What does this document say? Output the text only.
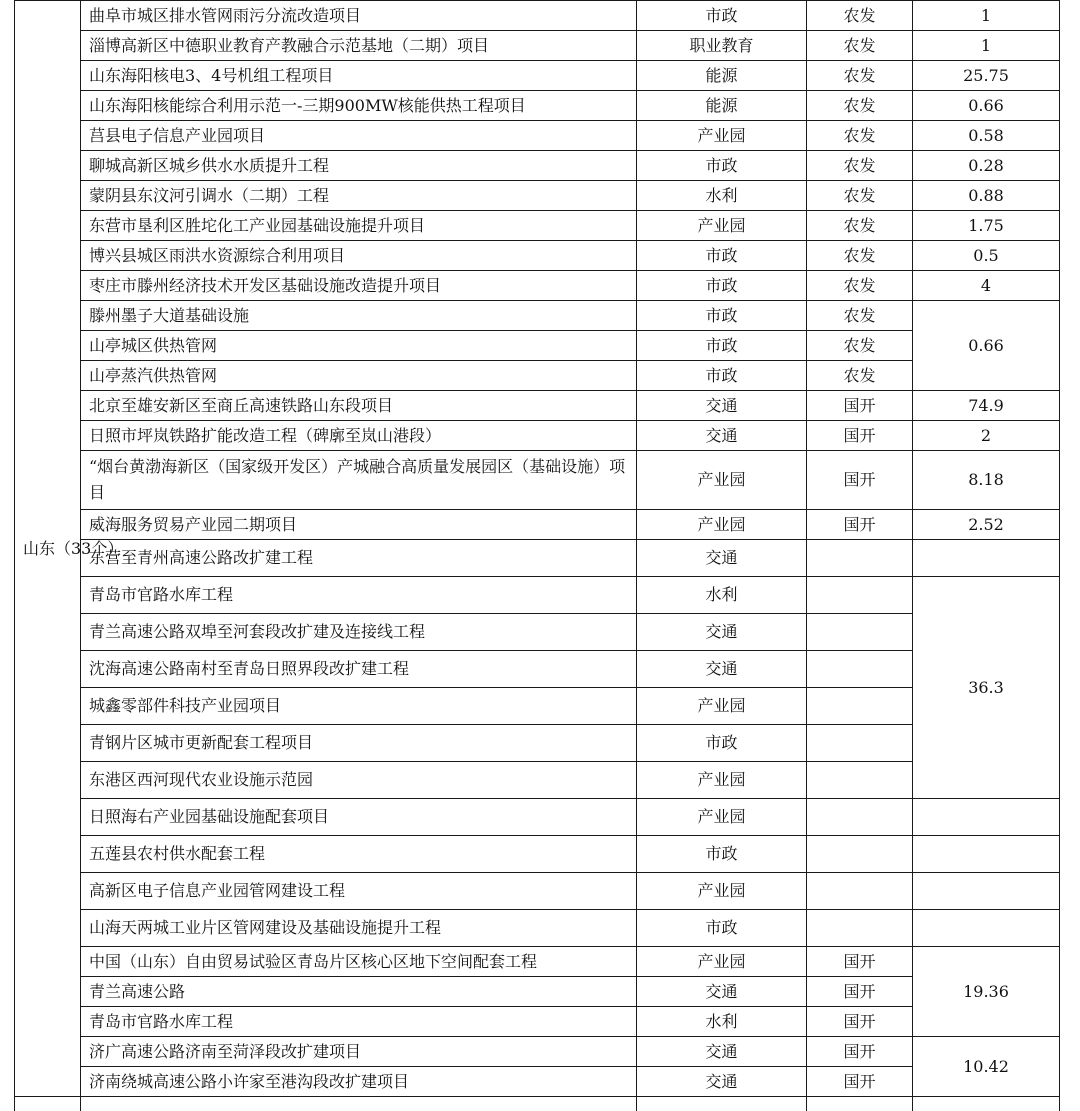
山东（33个）	曲阜市城区排水管网雨污分流改造项目	市政	农发	1
	淄博高新区中德职业教育产教融合示范基地（二期）项目	职业教育	农发	1
	山东海阳核电3、4号机组工程项目	能源	农发	25.75
	山东海阳核能综合利用示范一-三期900MW核能供热工程项目	能源	农发	0.66
	莒县电子信息产业园项目	产业园	农发	0.58
	聊城高新区城乡供水水质提升工程	市政	农发	0.28
	蒙阴县东汶河引调水（二期）工程	水利	农发	0.88
	东营市垦利区胜坨化工产业园基础设施提升项目	产业园	农发	1.75
	博兴县城区雨洪水资源综合利用项目	市政	农发	0.5
	枣庄市滕州经济技术开发区基础设施改造提升项目	市政	农发	4
	滕州墨子大道基础设施	市政	农发	0.66
	山亭城区供热管网	市政	农发	
	山亭蒸汽供热管网	市政	农发	
	北京至雄安新区至商丘高速铁路山东段项目	交通	国开	74.9
	日照市坪岚铁路扩能改造工程（碑廓至岚山港段）	交通	国开	2
	“烟台黄渤海新区（国家级开发区）产城融合高质量发展园区（基础设施）项目	产业园	国开	8.18
	威海服务贸易产业园二期项目	产业园	国开	2.52
	东营至青州高速公路改扩建工程	交通		
	青岛市官路水库工程	水利		36.3
	青兰高速公路双埠至河套段改扩建及连接线工程	交通		
	沈海高速公路南村至青岛日照界段改扩建工程	交通		
	城鑫零部件科技产业园项目	产业园		
	青钢片区城市更新配套工程项目	市政		
	东港区西河现代农业设施示范园	产业园		
	日照海右产业园基础设施配套项目	产业园		
	五莲县农村供水配套工程	市政		
	高新区电子信息产业园管网建设工程	产业园		
	山海天两城工业片区管网建设及基础设施提升工程	市政		
	中国（山东）自由贸易试验区青岛片区核心区地下空间配套工程	产业园	国开	19.36
	青兰高速公路	交通	国开	
	青岛市官路水库工程	水利	国开	
	济广高速公路济南至菏泽段改扩建项目	交通	国开	10.42
	济南绕城高速公路小许家至港沟段改扩建项目	交通	国开	
